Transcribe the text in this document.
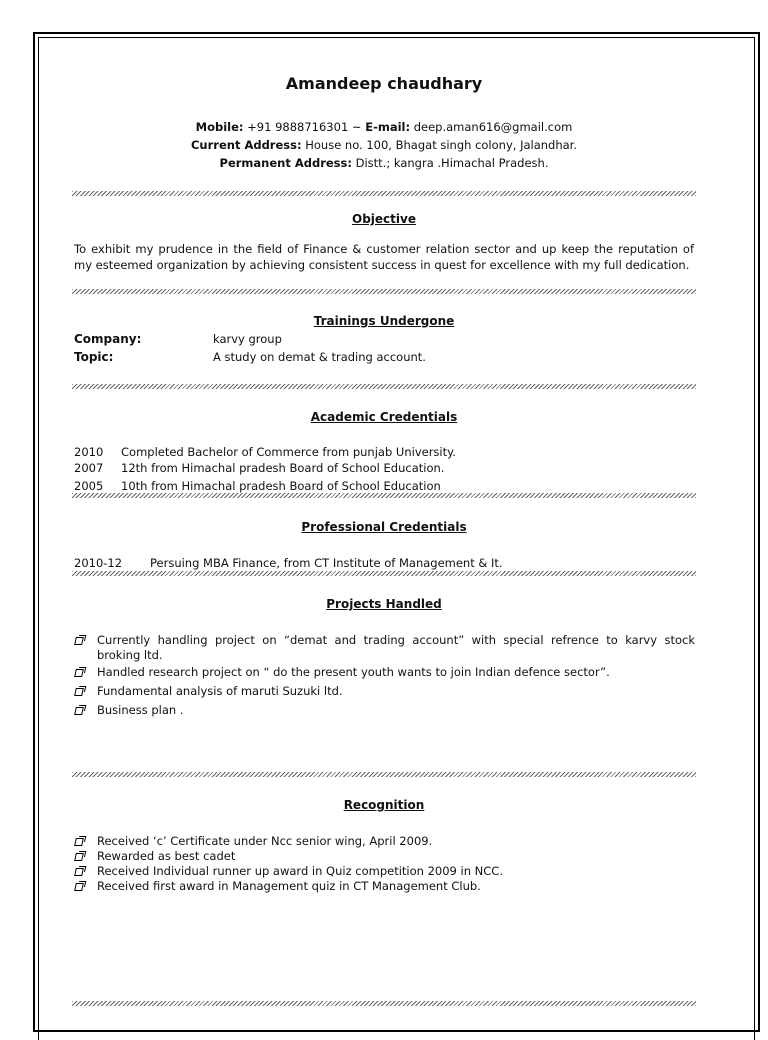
Amandeep chaudhary
Mobile: +91 9888716301 ~ E-mail: deep.aman616@gmail.com
Current Address: House no. 100, Bhagat singh colony, Jalandhar.
Permanent Address: Distt.; kangra .Himachal Pradesh.
Objective
To exhibit my prudence in the field of Finance & customer relation sector and up keep the reputation of
my esteemed organization by achieving consistent success in quest for excellence with my full dedication.
Trainings Undergone
Company:	karvy group
Topic:	A study on demat & trading account.
Academic Credentials
2010 Completed Bachelor of Commerce from punjab University.
2007 12th from Himachal pradesh Board of School Education.
2005 10th from Himachal pradesh Board of School Education
Professional Credentials
2010-12 Persuing MBA Finance, from CT Institute of Management & It.
Projects Handled
Currently handling project on “demat and trading account” with special refrence to karvy stock
broking ltd.
Handled research project on “ do the present youth wants to join Indian defence sector”.
Fundamental analysis of maruti Suzuki ltd.
Business plan .
Recognition
Received ‘c’ Certificate under Ncc senior wing, April 2009.
Rewarded as best cadet
Received Individual runner up award in Quiz competition 2009 in NCC.
Received first award in Management quiz in CT Management Club.
